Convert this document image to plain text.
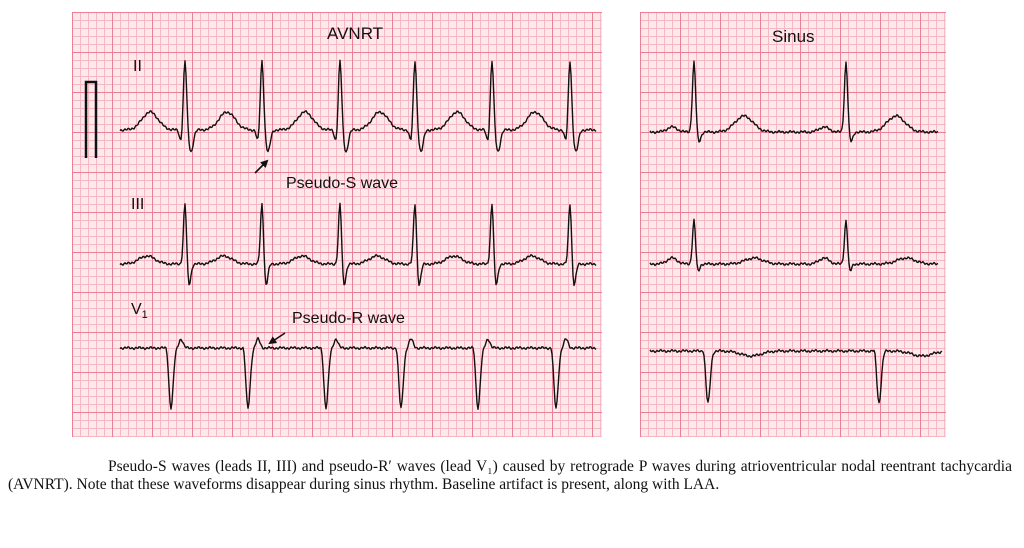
AVNRT	Sinus
II
III
$V_1$
Pseudo-S wave
Pseudo-R wave

Pseudo-S waves (leads II, III) and pseudo-R′ waves (lead V₁) caused by retrograde P waves during atrioventricular nodal reentrant tachycardia (AVNRT). Note that these waveforms disappear during sinus rhythm. Baseline artifact is present, along with LAA.
